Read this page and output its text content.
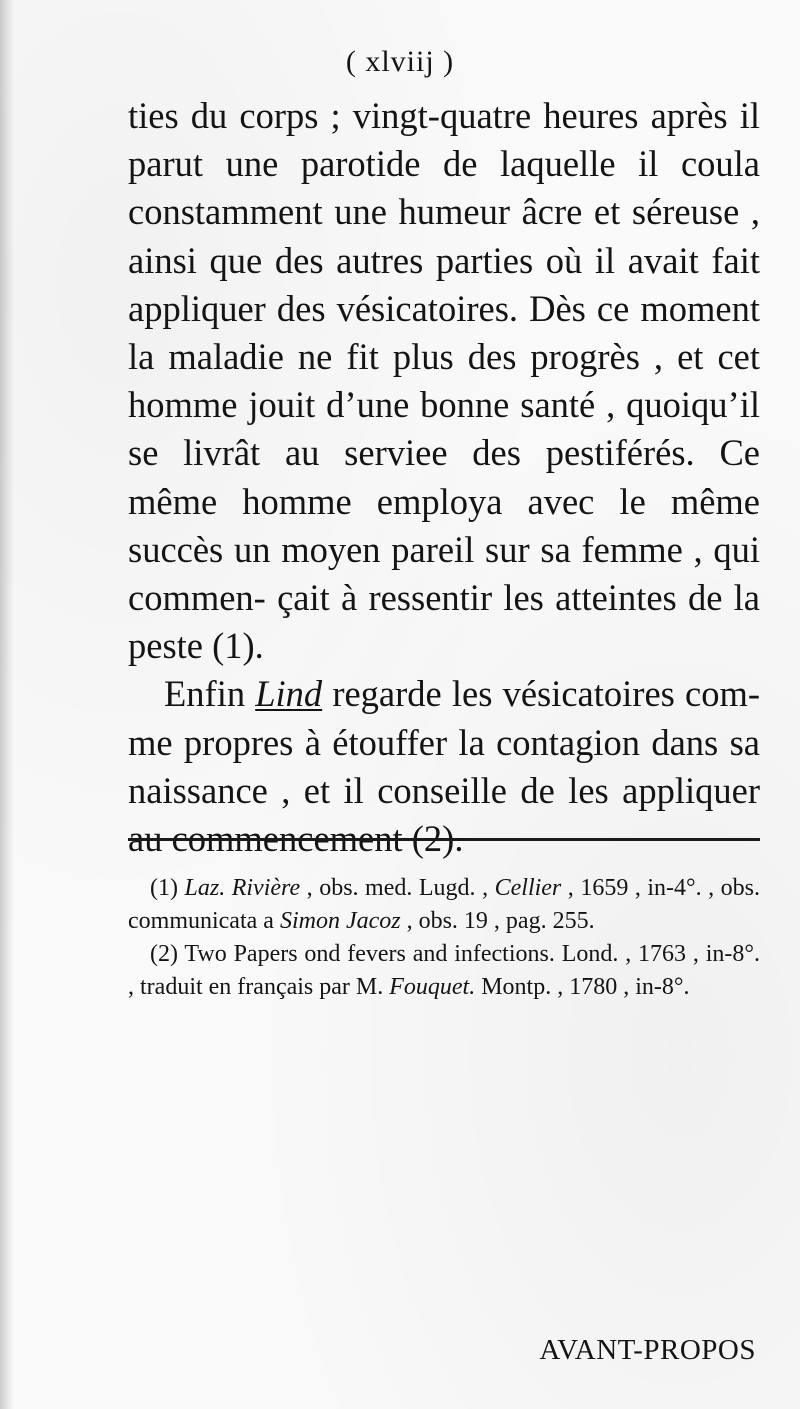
( xlviij )

ties du corps ; vingt-quatre heures après il parut une parotide de laquelle il coula constamment une humeur âcre et séreuse , ainsi que des autres parties où il avait fait appliquer des vésicatoires. Dès ce moment la maladie ne fit plus des progrès , et cet homme jouit d’une bonne santé , quoiqu’il se livrât au serviee des pestiférés. Ce même homme employa avec le même succès un moyen pareil sur sa femme , qui commen- çait à ressentir les atteintes de la peste (1).

Enfin Lind regarde les vésicatoires com- me propres à étouffer la contagion dans sa naissance , et il conseille de les appliquer au commencement (2).

(1) Laz. Rivière , obs. med. Lugd. , Cellier , 1659 , in-4°. , obs. communicata a Simon Jacoz , obs. 19 , pag. 255.

(2) Two Papers ond fevers and infections. Lond. , 1763 , in-8°. , traduit en français par M. Fouquet. Montp. , 1780 , in-8°.

AVANT-PROPOS
